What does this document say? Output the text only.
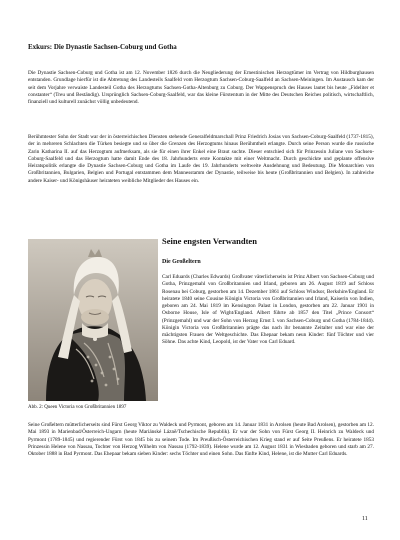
Exkurs: Die Dynastie Sachsen-Coburg und Gotha

Die Dynastie Sachsen-Coburg und Gotha ist am 12. November 1826 durch die Neugliederung der Ernestinischen Herzogtümer im Vertrag von Hildburghausen entstanden. Grundlage hierfür ist die Abtretung des Landesteils Saalfeld vom Herzogtum Sachsen-Coburg-Saalfeld an Sachsen-Meiningen. Im Austausch kam der seit dem Vorjahre verwaiste Landesteil Gotha des Herzogtums Sachsen-Gotha-Altenburg zu Coburg. Der Wappenspruch des Hauses lautet bis heute „Fideliter et constanter“ (Treu und Beständig). Ursprünglich Sachsen-Coburg-Saalfeld, war das kleine Fürstentum in der Mitte des Deutschen Reiches politisch, wirtschaftlich, finanziell und kulturell zunächst völlig unbedeutend.

Berühmtester Sohn der Stadt war der in österreichischen Diensten stehende Generalfeldmarschall Prinz Friedrich Josias von Sachsen-Coburg-Saalfeld (1737-1815), der in mehreren Schlachten die Türken besiegte und so über die Grenzen des Herzogtums hinaus Berühmtheit erlangte. Durch seine Person wurde die russische Zarin Katharina II. auf das Herzogtum aufmerksam, als sie für einen ihrer Enkel eine Braut suchte. Dieser entschied sich für Prinzessin Juliane von Sachsen-Coburg-Saalfeld und das Herzogtum hatte damit Ende des 18. Jahrhunderts erste Kontakte mit einer Weltmacht. Durch geschickte und geplante offensive Heiratspolitik erlangte die Dynastie Sachsen-Coburg und Gotha im Laufe des 19. Jahrhunderts weltweite Ausdehnung und Bedeutung. Die Monarchien von Großbritannien, Bulgarien, Belgien und Portugal entstammen dem Mannesstamm der Dynastie, teilweise bis heute (Großbritannien und Belgien). In zahlreiche andere Kaiser- und Königshäuser heirateten weibliche Mitglieder des Hauses ein.

Abb. 2: Queen Victoria von Großbritannien 1897
Seine engsten Verwandten
Die Großeltern

Carl Eduards (Charles Edwards) Großvater väterlicherseits ist Prinz Albert von Sachsen-Coburg und Gotha, Prinzgemahl von Großbritannien und Irland, geboren am 26. August 1819 auf Schloss Rosenau bei Coburg, gestorben am 14. Dezember 1861 auf Schloss Windsor, Berkshire/England. Er heiratete 1840 seine Cousine Königin Victoria von Großbritannien und Irland, Kaiserin von Indien, geboren am 24. Mai 1819 im Kensington Palast in London, gestorben am 22. Januar 1901 in Osborne House, Isle of Wight/England. Albert führte ab 1857 den Titel „Prince Consort“ (Prinzgemahl) und war der Sohn von Herzog Ernst I. von Sachsen-Coburg und Gotha (1784-1844). Königin Victoria von Großbritannien prägte das nach ihr benannte Zeitalter und war eine der mächtigsten Frauen der Weltgeschichte. Das Ehepaar bekam neun Kinder: fünf Töchter und vier Söhne. Das achte Kind, Leopold, ist der Vater von Carl Eduard.

Seine Großeltern mütterlicherseits sind Fürst Georg Viktor zu Waldeck und Pyrmont, geboren am 14. Januar 1831 in Arolsen (heute Bad Arolsen), gestorben am 12. Mai 1893 in Marienbad/Österreich-Ungarn (heute Mariánské Lázně/Tschechische Republik). Er war der Sohn von Fürst Georg II. Heinrich zu Waldeck und Pyrmont (1789-1845) und regierender Fürst von 1845 bis zu seinem Tode. Im Preußisch-Österreichischen Krieg stand er auf Seite Preußens. Er heiratete 1853 Prinzessin Helene von Nassau, Tochter von Herzog Wilhelm von Nassau (1792-1839). Helene wurde am 12. August 1831 in Wiesbaden geboren und starb am 27. Oktober 1888 in Bad Pyrmont. Das Ehepaar bekam sieben Kinder: sechs Töchter und einen Sohn. Das fünfte Kind, Helene, ist die Mutter Carl Eduards.

11
